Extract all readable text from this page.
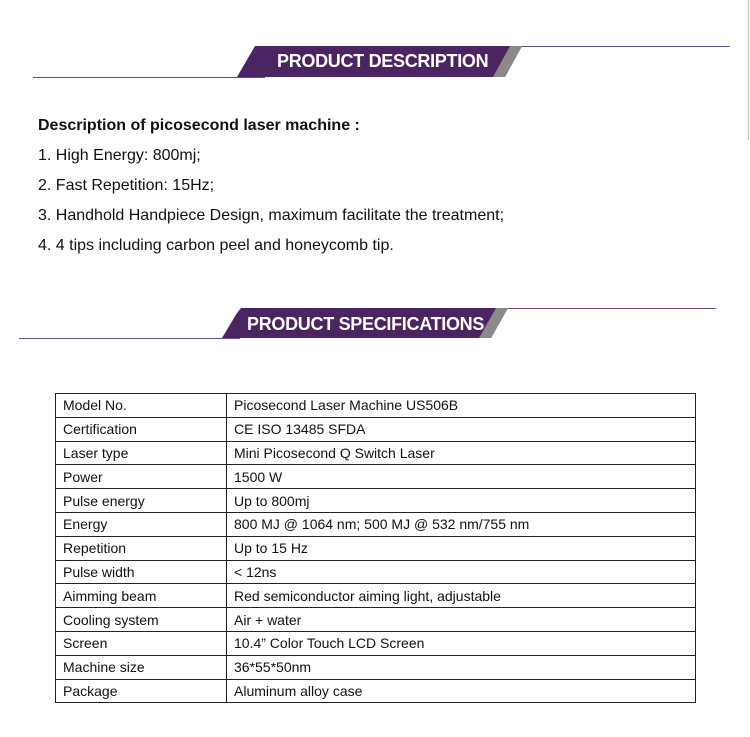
PRODUCT DESCRIPTION
Description of picosecond laser machine :
1. High Energy: 800mj;
2. Fast Repetition: 15Hz;
3. Handhold Handpiece Design, maximum facilitate the treatment;
4. 4 tips including carbon peel and honeycomb tip.
PRODUCT SPECIFICATIONS
Model No.	Picosecond Laser Machine US506B
Certification	CE ISO 13485 SFDA
Laser type	Mini Picosecond Q Switch Laser
Power	1500 W
Pulse energy	Up to 800mj
Energy	800 MJ @ 1064 nm; 500 MJ @ 532 nm/755 nm
Repetition	Up to 15 Hz
Pulse width	< 12ns
Aimming beam	Red semiconductor aiming light, adjustable
Cooling system	Air + water
Screen	10.4” Color Touch LCD Screen
Machine size	36*55*50nm
Package	Aluminum alloy case
